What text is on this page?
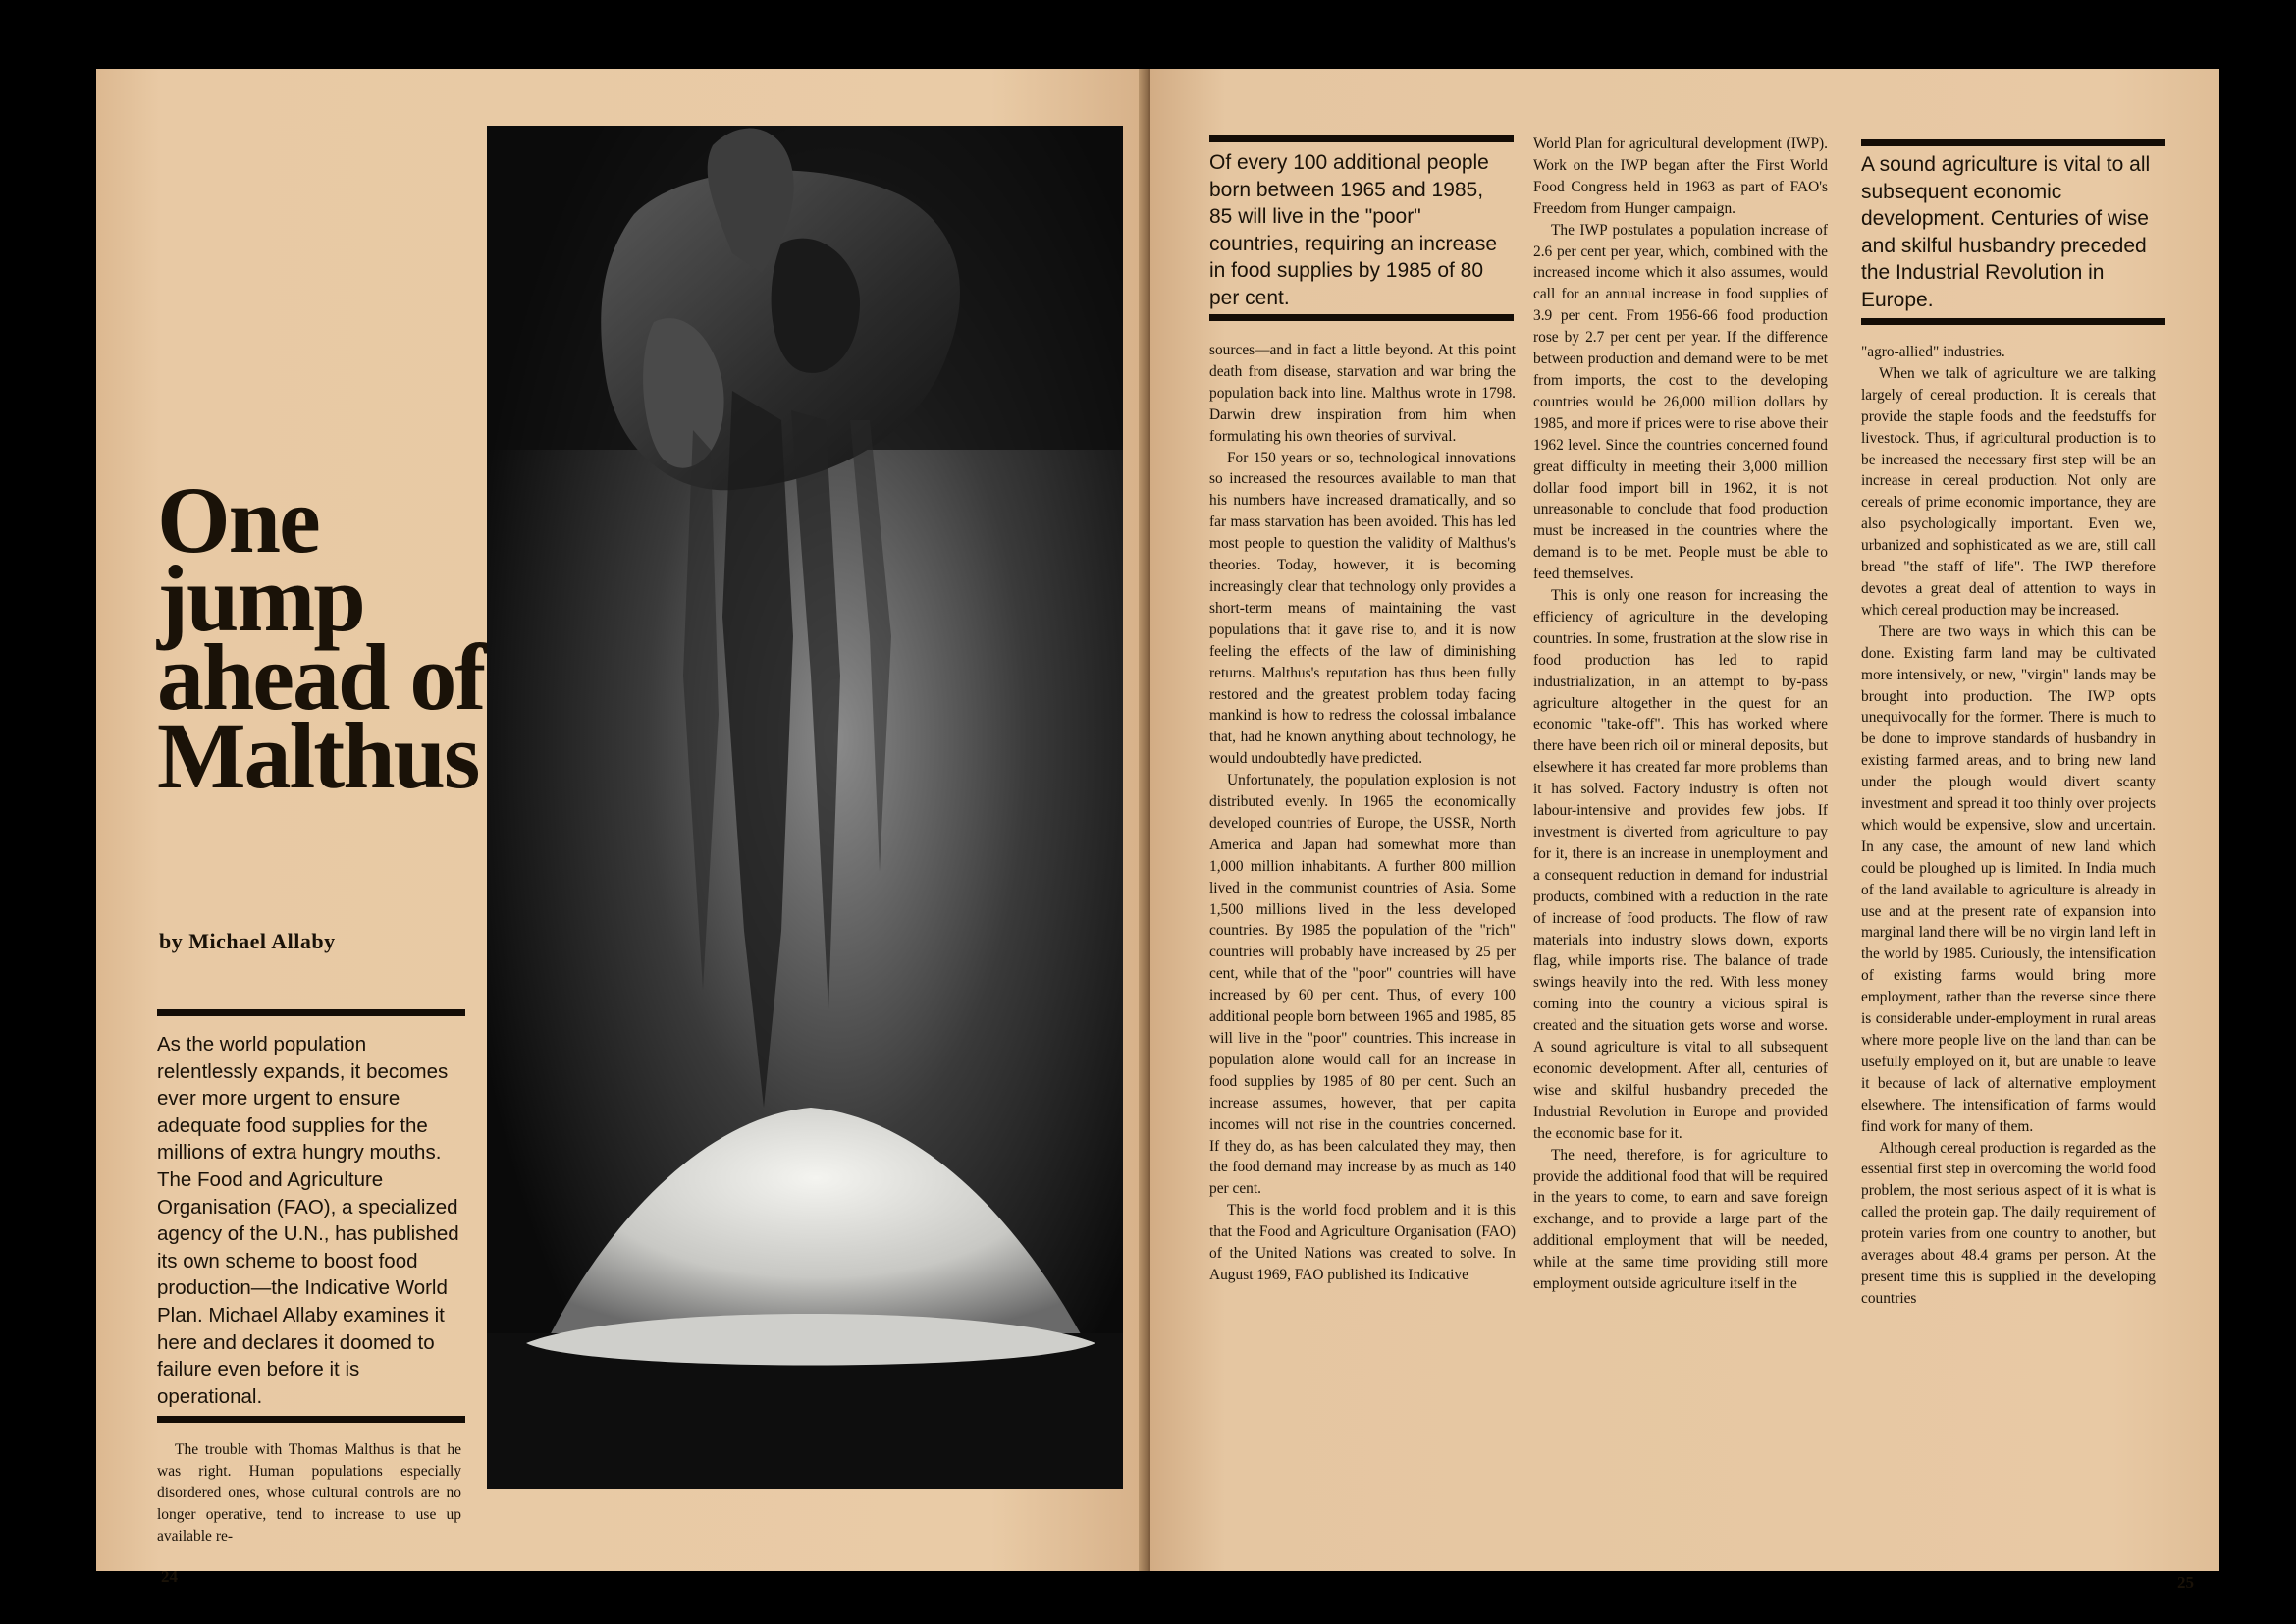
One
jump
ahead of
Malthus
by Michael Allaby

As the world population relentlessly expands, it becomes ever more urgent to ensure adequate food supplies for the millions of extra hungry mouths. The Food and Agriculture Organisation (FAO), a specialized agency of the U.N., has published its own scheme to boost food production—the Indicative World Plan. Michael Allaby examines it here and declares it doomed to failure even before it is operational.

The trouble with Thomas Malthus is that he was right. Human populations especially disordered ones, whose cultural controls are no longer operative, tend to increase to use up available re-

24

Of every 100 additional people born between 1965 and 1985, 85 will live in the "poor" countries, requiring an increase in food supplies by 1985 of 80 per cent.

sources—and in fact a little beyond. At this point death from disease, starvation and war bring the population back into line. Malthus wrote in 1798. Darwin drew inspiration from him when formulating his own theories of survival.

For 150 years or so, technological innovations so increased the resources available to man that his numbers have increased dramatically, and so far mass starvation has been avoided. This has led most people to question the validity of Malthus's theories. Today, however, it is becoming increasingly clear that technology only provides a short-term means of maintaining the vast populations that it gave rise to, and it is now feeling the effects of the law of diminishing returns. Malthus's reputation has thus been fully restored and the greatest problem today facing mankind is how to redress the colossal imbalance that, had he known anything about technology, he would undoubtedly have predicted.

Unfortunately, the population explosion is not distributed evenly. In 1965 the economically developed countries of Europe, the USSR, North America and Japan had somewhat more than 1,000 million inhabitants. A further 800 million lived in the communist countries of Asia. Some 1,500 millions lived in the less developed countries. By 1985 the population of the "rich" countries will probably have increased by 25 per cent, while that of the "poor" countries will have increased by 60 per cent. Thus, of every 100 additional people born between 1965 and 1985, 85 will live in the "poor" countries. This increase in population alone would call for an increase in food supplies by 1985 of 80 per cent. Such an increase assumes, however, that per capita incomes will not rise in the countries concerned. If they do, as has been calculated they may, then the food demand may increase by as much as 140 per cent.

This is the world food problem and it is this that the Food and Agriculture Organisation (FAO) of the United Nations was created to solve. In August 1969, FAO published its Indicative

World Plan for agricultural development (IWP). Work on the IWP began after the First World Food Congress held in 1963 as part of FAO's Freedom from Hunger campaign.

The IWP postulates a population increase of 2.6 per cent per year, which, combined with the increased income which it also assumes, would call for an annual increase in food supplies of 3.9 per cent. From 1956-66 food production rose by 2.7 per cent per year. If the difference between production and demand were to be met from imports, the cost to the developing countries would be 26,000 million dollars by 1985, and more if prices were to rise above their 1962 level. Since the countries concerned found great difficulty in meeting their 3,000 million dollar food import bill in 1962, it is not unreasonable to conclude that food production must be increased in the countries where the demand is to be met. People must be able to feed themselves.

This is only one reason for increasing the efficiency of agriculture in the developing countries. In some, frustration at the slow rise in food production has led to rapid industrialization, in an attempt to by-pass agriculture altogether in the quest for an economic "take-off". This has worked where there have been rich oil or mineral deposits, but elsewhere it has created far more problems than it has solved. Factory industry is often not labour-intensive and provides few jobs. If investment is diverted from agriculture to pay for it, there is an increase in unemployment and a consequent reduction in demand for industrial products, combined with a reduction in the rate of increase of food products. The flow of raw materials into industry slows down, exports flag, while imports rise. The balance of trade swings heavily into the red. With less money coming into the country a vicious spiral is created and the situation gets worse and worse. A sound agriculture is vital to all subsequent economic development. After all, centuries of wise and skilful husbandry preceded the Industrial Revolution in Europe and provided the economic base for it.

The need, therefore, is for agriculture to provide the additional food that will be required in the years to come, to earn and save foreign exchange, and to provide a large part of the additional employment that will be needed, while at the same time providing still more employment outside agriculture itself in the

A sound agriculture is vital to all subsequent economic development. Centuries of wise and skilful husbandry preceded the Industrial Revolution in Europe.

"agro-allied" industries.

When we talk of agriculture we are talking largely of cereal production. It is cereals that provide the staple foods and the feedstuffs for livestock. Thus, if agricultural production is to be increased the necessary first step will be an increase in cereal production. Not only are cereals of prime economic importance, they are also psychologically important. Even we, urbanized and sophisticated as we are, still call bread "the staff of life". The IWP therefore devotes a great deal of attention to ways in which cereal production may be increased.

There are two ways in which this can be done. Existing farm land may be cultivated more intensively, or new, "virgin" lands may be brought into production. The IWP opts unequivocally for the former. There is much to be done to improve standards of husbandry in existing farmed areas, and to bring new land under the plough would divert scanty investment and spread it too thinly over projects which would be expensive, slow and uncertain. In any case, the amount of new land which could be ploughed up is limited. In India much of the land available to agriculture is already in use and at the present rate of expansion into marginal land there will be no virgin land left in the world by 1985. Curiously, the intensification of existing farms would bring more employment, rather than the reverse since there is considerable under-employment in rural areas where more people live on the land than can be usefully employed on it, but are unable to leave it because of lack of alternative employment elsewhere. The intensification of farms would find work for many of them.

Although cereal production is regarded as the essential first step in overcoming the world food problem, the most serious aspect of it is what is called the protein gap. The daily requirement of protein varies from one country to another, but averages about 48.4 grams per person. At the present time this is supplied in the developing countries

25
